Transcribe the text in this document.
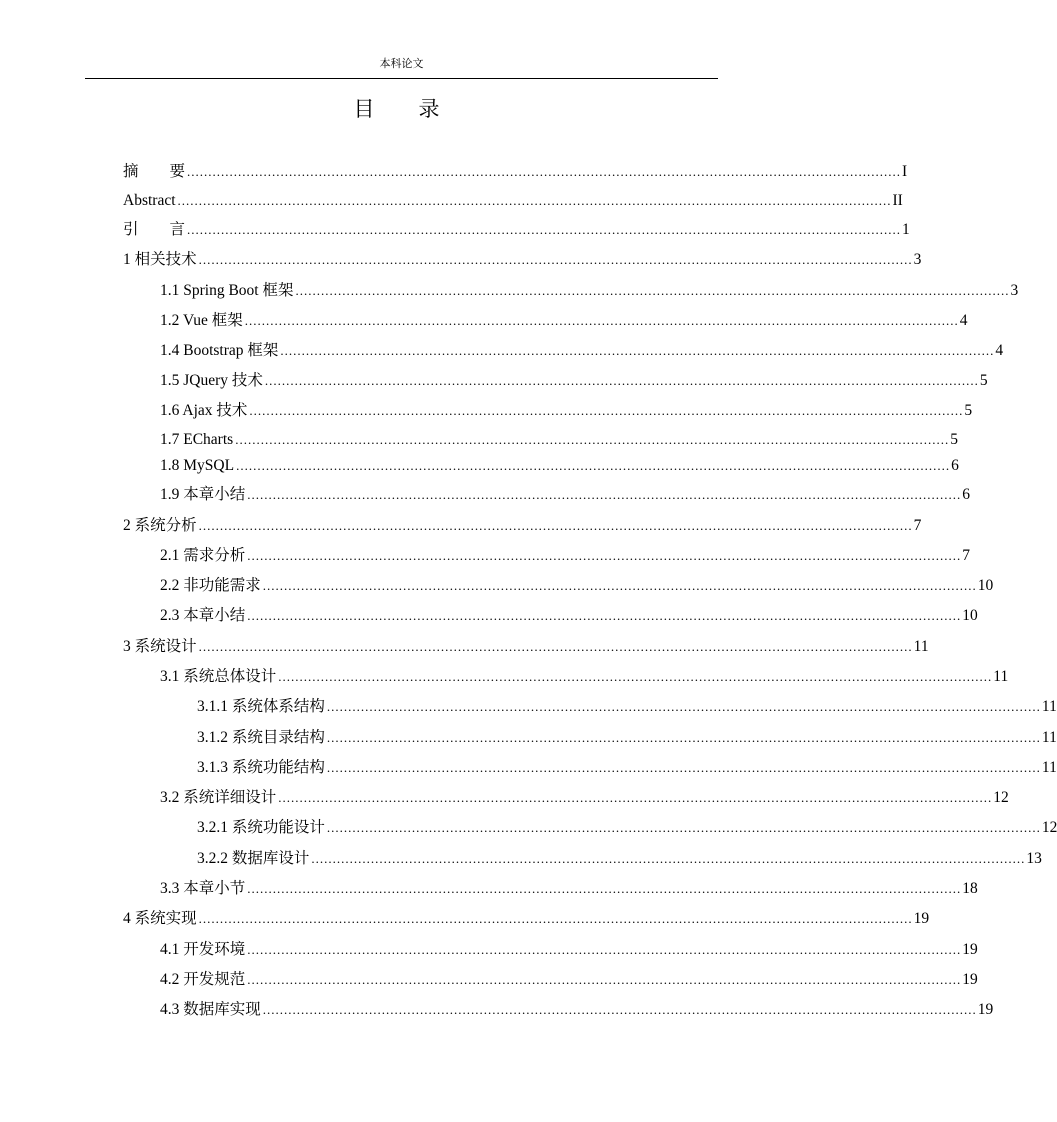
本科论文
目录
摘　　要 ........................................................................................................................................................................ I
Abstract ........................................................................................................................................................................ II
引　　言 ........................................................................................................................................................................ 1
1 相关技术 ........................................................................................................................................................................ 3
1.1 Spring Boot 框架 ........................................................................................................................................................................ 3
1.2 Vue 框架 ........................................................................................................................................................................ 4
1.4 Bootstrap 框架 ........................................................................................................................................................................ 4
1.5 JQuery 技术 ........................................................................................................................................................................ 5
1.6 Ajax 技术 ........................................................................................................................................................................ 5
1.7 ECharts ........................................................................................................................................................................ 5
1.8 MySQL ........................................................................................................................................................................ 6
1.9 本章小结 ........................................................................................................................................................................ 6
2 系统分析 ........................................................................................................................................................................ 7
2.1 需求分析 ........................................................................................................................................................................ 7
2.2 非功能需求 ........................................................................................................................................................................ 10
2.3 本章小结 ........................................................................................................................................................................ 10
3 系统设计 ........................................................................................................................................................................ 11
3.1 系统总体设计 ........................................................................................................................................................................ 11
3.1.1 系统体系结构 ........................................................................................................................................................................ 11
3.1.2 系统目录结构 ........................................................................................................................................................................ 11
3.1.3 系统功能结构 ........................................................................................................................................................................ 11
3.2 系统详细设计 ........................................................................................................................................................................ 12
3.2.1 系统功能设计 ........................................................................................................................................................................ 12
3.2.2 数据库设计 ........................................................................................................................................................................ 13
3.3 本章小节 ........................................................................................................................................................................ 18
4 系统实现 ........................................................................................................................................................................ 19
4.1 开发环境 ........................................................................................................................................................................ 19
4.2 开发规范 ........................................................................................................................................................................ 19
4.3 数据库实现 ........................................................................................................................................................................ 19
